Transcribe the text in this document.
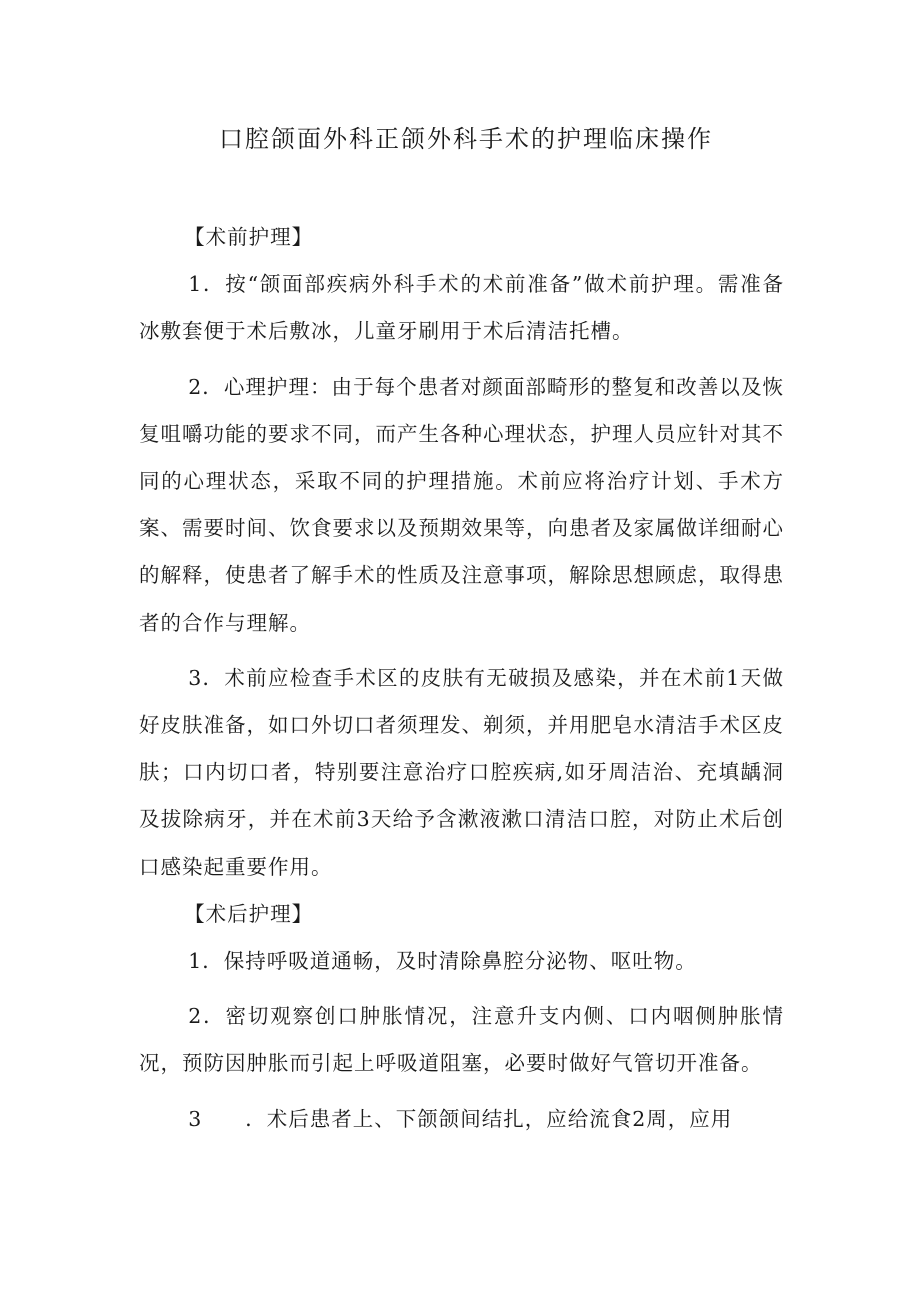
口腔颌面外科正颌外科手术的护理临床操作

【术前护理】

1．按“颌面部疾病外科手术的术前准备”做术前护理。需准备冰敷套便于术后敷冰，儿童牙刷用于术后清洁托槽。

2．心理护理：由于每个患者对颜面部畸形的整复和改善以及恢复咀嚼功能的要求不同，而产生各种心理状态，护理人员应针对其不同的心理状态，采取不同的护理措施。术前应将治疗计划、手术方案、需要时间、饮食要求以及预期效果等，向患者及家属做详细耐心的解释，使患者了解手术的性质及注意事项，解除思想顾虑，取得患者的合作与理解。

3．术前应检查手术区的皮肤有无破损及感染，并在术前1天做好皮肤准备，如口外切口者须理发、剃须，并用肥皂水清洁手术区皮肤；口内切口者，特别要注意治疗口腔疾病,如牙周洁治、充填龋洞及拔除病牙，并在术前3天给予含漱液漱口清洁口腔，对防止术后创口感染起重要作用。

【术后护理】

1．保持呼吸道通畅，及时清除鼻腔分泌物、呕吐物。

2．密切观察创口肿胀情况，注意升支内侧、口内咽侧肿胀情况，预防因肿胀而引起上呼吸道阻塞，必要时做好气管切开准备。

3　　．术后患者上、下颌颌间结扎，应给流食2周，应用
